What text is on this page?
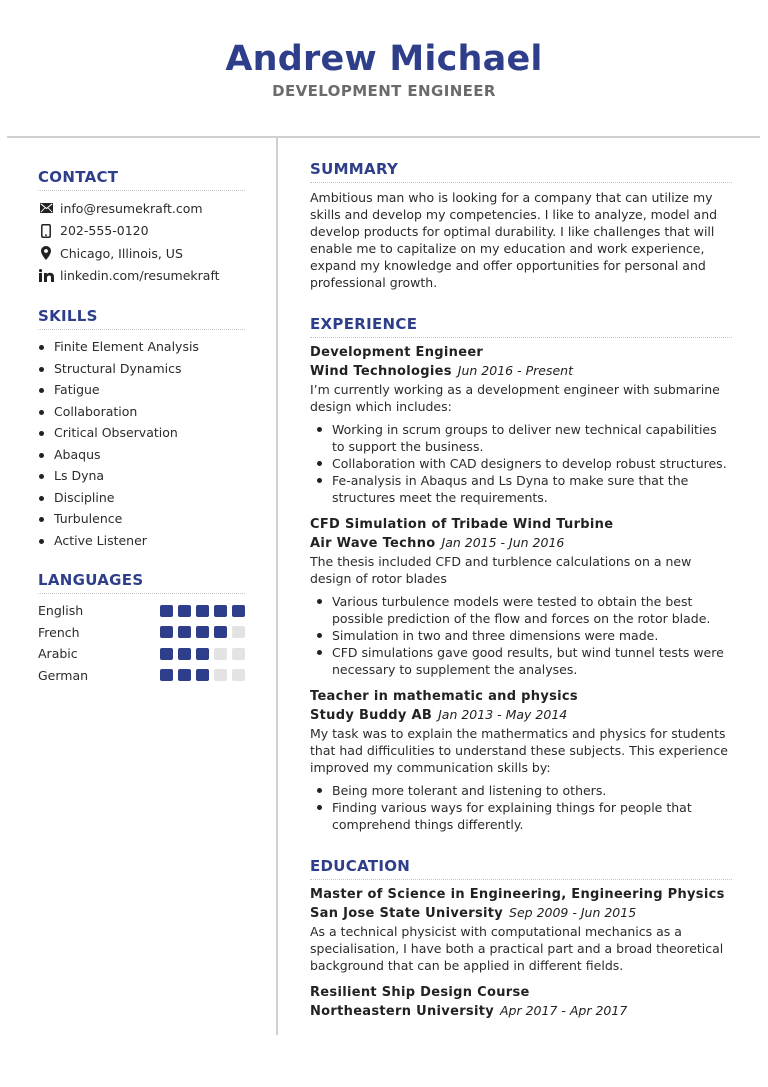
Andrew Michael
DEVELOPMENT ENGINEER
CONTACT
info@resumekraft.com
202-555-0120
Chicago, Illinois, US
linkedin.com/resumekraft
SKILLS
Finite Element Analysis
Structural Dynamics
Fatigue
Collaboration
Critical Observation
Abaqus
Ls Dyna
Discipline
Turbulence
Active Listener
LANGUAGES
English
French
Arabic
German
SUMMARY

Ambitious man who is looking for a company that can utilize my skills and develop my competencies. I like to analyze, model and develop products for optimal durability. I like challenges that will enable me to capitalize on my education and work experience, expand my knowledge and offer opportunities for personal and professional growth.

EXPERIENCE
Development Engineer
Wind Technologies Jun 2016 - Present

I’m currently working as a development engineer with submarine design which includes:

Working in scrum groups to deliver new technical capabilities to support the business.
Collaboration with CAD designers to develop robust structures.
Fe-analysis in Abaqus and Ls Dyna to make sure that the structures meet the requirements.
CFD Simulation of Tribade Wind Turbine
Air Wave Techno Jan 2015 - Jun 2016

The thesis included CFD and turblence calculations on a new design of rotor blades

Various turbulence models were tested to obtain the best possible prediction of the flow and forces on the rotor blade.
Simulation in two and three dimensions were made.
CFD simulations gave good results, but wind tunnel tests were necessary to supplement the analyses.
Teacher in mathematic and physics
Study Buddy AB Jan 2013 - May 2014

My task was to explain the mathermatics and physics for students that had difficulities to understand these subjects. This experience improved my communication skills by:

Being more tolerant and listening to others.
Finding various ways for explaining things for people that comprehend things differently.
EDUCATION
Master of Science in Engineering, Engineering Physics
San Jose State University Sep 2009 - Jun 2015

As a technical physicist with computational mechanics as a specialisation, I have both a practical part and a broad theoretical background that can be applied in different fields.

Resilient Ship Design Course
Northeastern University Apr 2017 - Apr 2017
